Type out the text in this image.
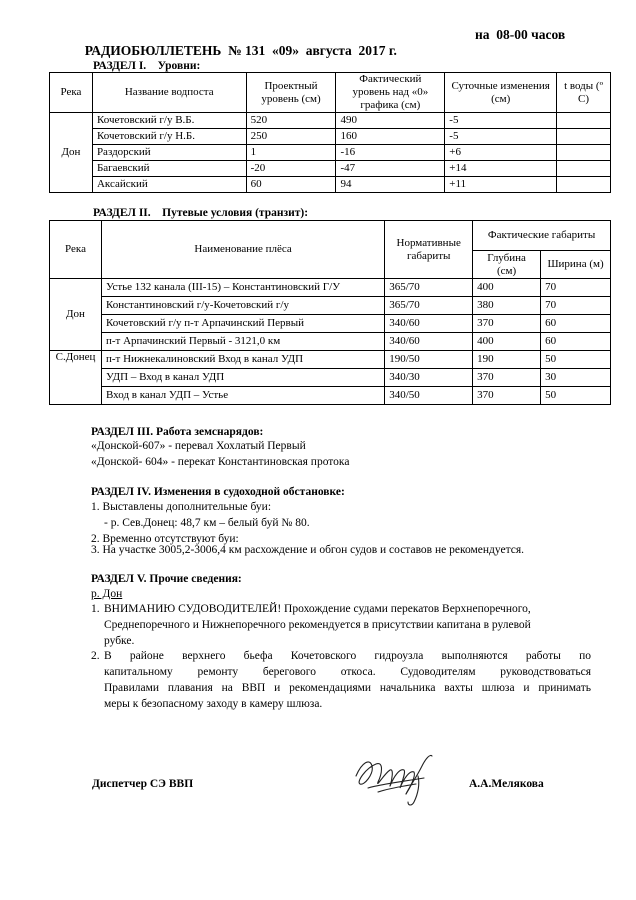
РАДИОБЮЛЛЕТЕНЬ  № 131  «09»  августа  2017 г.

на  08-00 часов

РАЗДЕЛ I.    Уровни:
Река	Название водпоста	Проектный уровень (см)	Фактический уровень над «0» графика (см)	Суточные изменения (см)	t воды (º С)
Дон	Кочетовский г/у В.Б.	520	490	-5	
	Кочетовский г/у Н.Б.	250	160	-5	
	Раздорский	1	-16	+6	
	Багаевский	-20	-47	+14	
	Аксайский	60	94	+11	
РАЗДЕЛ II.    Путевые условия (транзит):
Река	Наименование плёса	Нормативные габариты	Фактические габариты	
			Глубина (см)	Ширина (м)
Дон	Устье 132 канала (III-15) – Константиновский Г/У	365/70	400	70
	Константиновский г/у-Кочетовский г/у	365/70	380	70
	Кочетовский г/у п-т Арпачинский Первый	340/60	370	60
	п-т Арпачинский Первый - 3121,0 км	340/60	400	60
С.Донец	п-т Нижнекалиновский Вход в канал УДП	190/50	190	50
	УДП – Вход в канал УДП	340/30	370	30
	Вход в канал УДП – Устье	340/50	370	50
РАЗДЕЛ III. Работа земснарядов:
«Донской-607» - перевал Хохлатый Первый
«Донской- 604» - перекат Константиновская протока
РАЗДЕЛ IV. Изменения в судоходной обстановке:
1. Выставлены дополнительные буи:
- р. Сев.Донец: 48,7 км – белый буй № 80.
2. Временно отсутствуют буи:
3. На участке 3005,2-3006,4 км расхождение и обгон судов и составов не рекомендуется.
РАЗДЕЛ V. Прочие сведения:
р. Дон
1. ВНИМАНИЮ СУДОВОДИТЕЛЕЙ! Прохождение судами перекатов Верхнепоречного,
Среднепоречного и Нижнепоречного рекомендуется в присутствии капитана в рулевой
рубке.
2. В районе верхнего бьефа Кочетовского гидроузла выполняются работы по
капитальному ремонту берегового откоса. Судоводителям руководствоваться
Правилами плавания на ВВП и рекомендациями начальника вахты шлюза и принимать
меры к безопасному заходу в камеру шлюза.
Диспетчер СЭ ВВП	А.А.Мелякова
